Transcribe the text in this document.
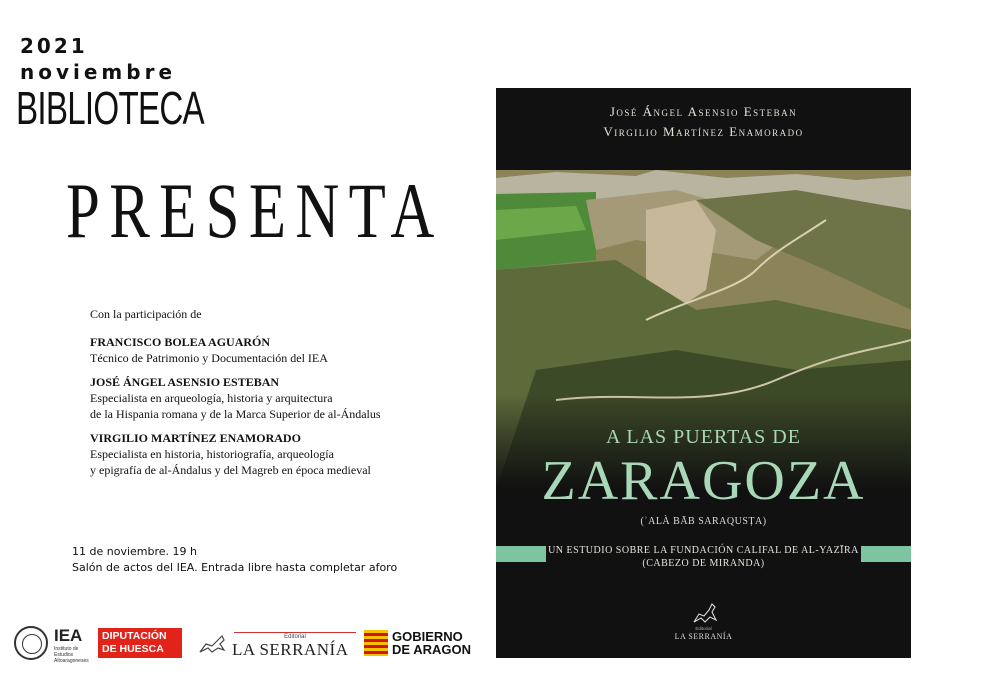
2021
noviembre
BIBLIOTECA
PRESENTA
Con la participación de
FRANCISCO BOLEA AGUARÓN
Técnico de Patrimonio y Documentación del IEA
JOSÉ ÁNGEL ASENSIO ESTEBAN
Especialista en arqueología, historia y arquitectura
de la Hispania romana y de la Marca Superior de al-Ándalus
VIRGILIO MARTÍNEZ ENAMORADO
Especialista en historia, historiografía, arqueología
y epigrafía de al-Ándalus y del Magreb en época medieval
11 de noviembre. 19 h
Salón de actos del IEA. Entrada libre hasta completar aforo
IEA
Instituto de Estudios Altoaragoneses
DIPUTACIÓN
DE HUESCA
Editorial
LA SERRANÍA
GOBIERNO
DE ARAGON
José Ángel Asensio Esteban
Virgilio Martínez Enamorado
A LAS PUERTAS DE
ZARAGOZA
(ʾALÀ BĀB SARAQUSṬA)
UN ESTUDIO SOBRE LA FUNDACIÓN CALIFAL DE AL-YAZĪRA
(CABEZO DE MIRANDA)
Editorial
LA SERRANÍA
